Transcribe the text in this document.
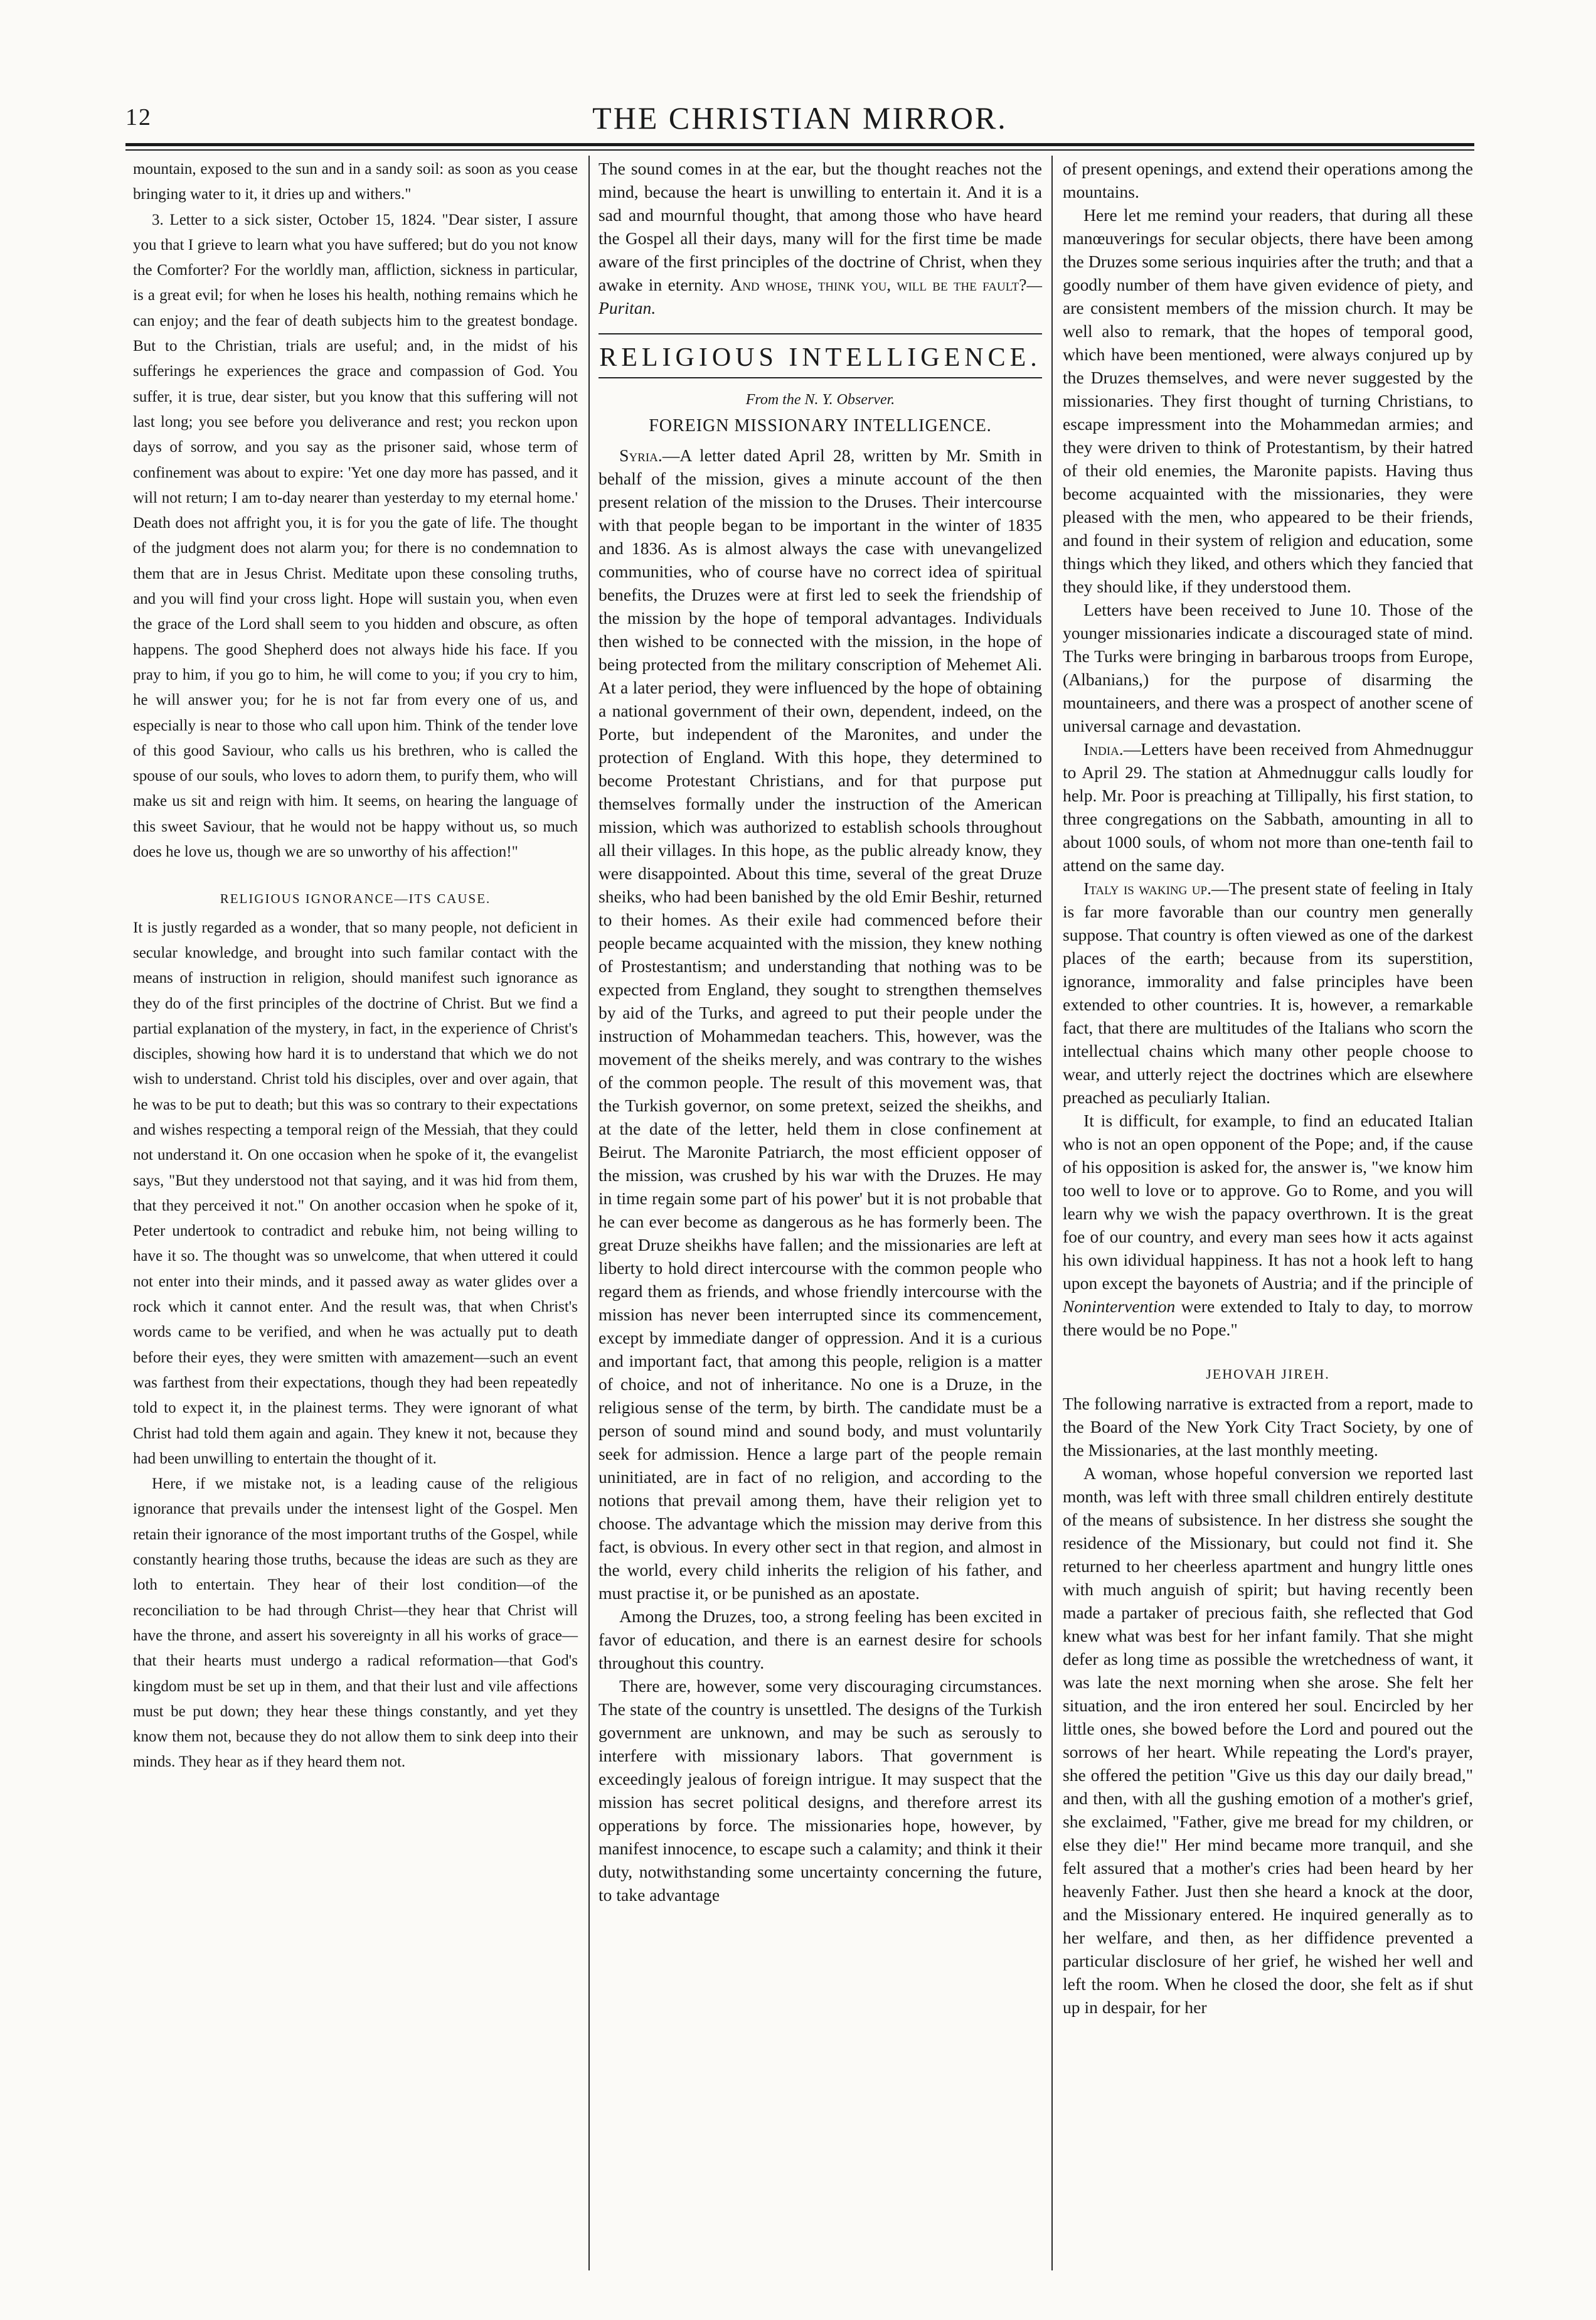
12	THE CHRISTIAN MIRROR.

mountain, exposed to the sun and in a sandy soil: as soon as you cease bringing water to it, it dries up and withers."

3. Letter to a sick sister, October 15, 1824. "Dear sister, I assure you that I grieve to learn what you have suffered; but do you not know the Comforter? For the worldly man, affliction, sickness in particular, is a great evil; for when he loses his health, nothing remains which he can enjoy; and the fear of death subjects him to the greatest bondage. But to the Christian, trials are useful; and, in the midst of his sufferings he experiences the grace and compassion of God. You suffer, it is true, dear sister, but you know that this suffering will not last long; you see before you deliverance and rest; you reckon upon days of sorrow, and you say as the prisoner said, whose term of confinement was about to expire: 'Yet one day more has passed, and it will not return; I am to-day nearer than yesterday to my eternal home.' Death does not affright you, it is for you the gate of life. The thought of the judgment does not alarm you; for there is no condemnation to them that are in Jesus Christ. Meditate upon these consoling truths, and you will find your cross light. Hope will sustain you, when even the grace of the Lord shall seem to you hidden and obscure, as often happens. The good Shepherd does not always hide his face. If you pray to him, if you go to him, he will come to you; if you cry to him, he will answer you; for he is not far from every one of us, and especially is near to those who call upon him. Think of the tender love of this good Saviour, who calls us his brethren, who is called the spouse of our souls, who loves to adorn them, to purify them, who will make us sit and reign with him. It seems, on hearing the language of this sweet Saviour, that he would not be happy without us, so much does he love us, though we are so unworthy of his affection!"

RELIGIOUS IGNORANCE—ITS CAUSE.

It is justly regarded as a wonder, that so many people, not deficient in secular knowledge, and brought into such familar contact with the means of instruction in religion, should manifest such ignorance as they do of the first principles of the doctrine of Christ. But we find a partial explanation of the mystery, in fact, in the experience of Christ's disciples, showing how hard it is to understand that which we do not wish to understand. Christ told his disciples, over and over again, that he was to be put to death; but this was so contrary to their expectations and wishes respecting a temporal reign of the Messiah, that they could not understand it. On one occasion when he spoke of it, the evangelist says, "But they understood not that saying, and it was hid from them, that they perceived it not." On another occasion when he spoke of it, Peter undertook to contradict and rebuke him, not being willing to have it so. The thought was so unwelcome, that when uttered it could not enter into their minds, and it passed away as water glides over a rock which it cannot enter. And the result was, that when Christ's words came to be verified, and when he was actually put to death before their eyes, they were smitten with amazement—such an event was farthest from their expectations, though they had been repeatedly told to expect it, in the plainest terms. They were ignorant of what Christ had told them again and again. They knew it not, because they had been unwilling to entertain the thought of it.

Here, if we mistake not, is a leading cause of the religious ignorance that prevails under the intensest light of the Gospel. Men retain their ignorance of the most important truths of the Gospel, while constantly hearing those truths, because the ideas are such as they are loth to entertain. They hear of their lost condition—of the reconciliation to be had through Christ—they hear that Christ will have the throne, and assert his sovereignty in all his works of grace—that their hearts must undergo a radical reformation—that God's kingdom must be set up in them, and that their lust and vile affections must be put down; they hear these things constantly, and yet they know them not, because they do not allow them to sink deep into their minds. They hear as if they heard them not.

The sound comes in at the ear, but the thought reaches not the mind, because the heart is unwilling to entertain it. And it is a sad and mournful thought, that among those who have heard the Gospel all their days, many will for the first time be made aware of the first principles of the doctrine of Christ, when they awake in eternity. And whose, think you, will be the fault?—Puritan.

RELIGIOUS INTELLIGENCE.
From the N. Y. Observer.
FOREIGN MISSIONARY INTELLIGENCE.

Syria.—A letter dated April 28, written by Mr. Smith in behalf of the mission, gives a minute account of the then present relation of the mission to the Druses. Their intercourse with that people began to be important in the winter of 1835 and 1836. As is almost always the case with unevangelized communities, who of course have no correct idea of spiritual benefits, the Druzes were at first led to seek the friendship of the mission by the hope of temporal advantages. Individuals then wished to be connected with the mission, in the hope of being protected from the military conscription of Mehemet Ali. At a later period, they were influenced by the hope of obtaining a national government of their own, dependent, indeed, on the Porte, but independent of the Maronites, and under the protection of England. With this hope, they determined to become Protestant Christians, and for that purpose put themselves formally under the instruction of the American mission, which was authorized to establish schools throughout all their villages. In this hope, as the public already know, they were disappointed. About this time, several of the great Druze sheiks, who had been banished by the old Emir Beshir, returned to their homes. As their exile had commenced before their people became acquainted with the mission, they knew nothing of Prostestantism; and understanding that nothing was to be expected from England, they sought to strengthen themselves by aid of the Turks, and agreed to put their people under the instruction of Mohammedan teachers. This, however, was the movement of the sheiks merely, and was contrary to the wishes of the common people. The result of this movement was, that the Turkish governor, on some pretext, seized the sheikhs, and at the date of the letter, held them in close confinement at Beirut. The Maronite Patriarch, the most efficient opposer of the mission, was crushed by his war with the Druzes. He may in time regain some part of his power' but it is not probable that he can ever become as dangerous as he has formerly been. The great Druze sheikhs have fallen; and the missionaries are left at liberty to hold direct intercourse with the common people who regard them as friends, and whose friendly intercourse with the mission has never been interrupted since its commencement, except by immediate danger of oppression. And it is a curious and important fact, that among this people, religion is a matter of choice, and not of inheritance. No one is a Druze, in the religious sense of the term, by birth. The candidate must be a person of sound mind and sound body, and must voluntarily seek for admission. Hence a large part of the people remain uninitiated, are in fact of no religion, and according to the notions that prevail among them, have their religion yet to choose. The advantage which the mission may derive from this fact, is obvious. In every other sect in that region, and almost in the world, every child inherits the religion of his father, and must practise it, or be punished as an apostate.

Among the Druzes, too, a strong feeling has been excited in favor of education, and there is an earnest desire for schools throughout this country.

There are, however, some very discouraging circumstances. The state of the country is unsettled. The designs of the Turkish government are unknown, and may be such as serously to interfere with missionary labors. That government is exceedingly jealous of foreign intrigue. It may suspect that the mission has secret political designs, and therefore arrest its opperations by force. The missionaries hope, however, by manifest innocence, to escape such a calamity; and think it their duty, notwithstanding some uncertainty concerning the future, to take advantage

of present openings, and extend their operations among the mountains.

Here let me remind your readers, that during all these manœuverings for secular objects, there have been among the Druzes some serious inquiries after the truth; and that a goodly number of them have given evidence of piety, and are consistent members of the mission church. It may be well also to remark, that the hopes of temporal good, which have been mentioned, were always conjured up by the Druzes themselves, and were never suggested by the missionaries. They first thought of turning Christians, to escape impressment into the Mohammedan armies; and they were driven to think of Protestantism, by their hatred of their old enemies, the Maronite papists. Having thus become acquainted with the missionaries, they were pleased with the men, who appeared to be their friends, and found in their system of religion and education, some things which they liked, and others which they fancied that they should like, if they understood them.

Letters have been received to June 10. Those of the younger missionaries indicate a discouraged state of mind. The Turks were bringing in barbarous troops from Europe, (Albanians,) for the purpose of disarming the mountaineers, and there was a prospect of another scene of universal carnage and devastation.

India.—Letters have been received from Ahmednuggur to April 29. The station at Ahmednuggur calls loudly for help. Mr. Poor is preaching at Tillipally, his first station, to three congregations on the Sabbath, amounting in all to about 1000 souls, of whom not more than one-tenth fail to attend on the same day.

Italy is waking up.—The present state of feeling in Italy is far more favorable than our country men generally suppose. That country is often viewed as one of the darkest places of the earth; because from its superstition, ignorance, immorality and false principles have been extended to other countries. It is, however, a remarkable fact, that there are multitudes of the Italians who scorn the intellectual chains which many other people choose to wear, and utterly reject the doctrines which are elsewhere preached as peculiarly Italian.

It is difficult, for example, to find an educated Italian who is not an open opponent of the Pope; and, if the cause of his opposition is asked for, the answer is, "we know him too well to love or to approve. Go to Rome, and you will learn why we wish the papacy overthrown. It is the great foe of our country, and every man sees how it acts against his own idividual happiness. It has not a hook left to hang upon except the bayonets of Austria; and if the principle of Nonintervention were extended to Italy to day, to morrow there would be no Pope."

JEHOVAH JIREH.

The following narrative is extracted from a report, made to the Board of the New York City Tract Society, by one of the Missionaries, at the last monthly meeting.

A woman, whose hopeful conversion we reported last month, was left with three small children entirely destitute of the means of subsistence. In her distress she sought the residence of the Missionary, but could not find it. She returned to her cheerless apartment and hungry little ones with much anguish of spirit; but having recently been made a partaker of precious faith, she reflected that God knew what was best for her infant family. That she might defer as long time as possible the wretchedness of want, it was late the next morning when she arose. She felt her situation, and the iron entered her soul. Encircled by her little ones, she bowed before the Lord and poured out the sorrows of her heart. While repeating the Lord's prayer, she offered the petition "Give us this day our daily bread," and then, with all the gushing emotion of a mother's grief, she exclaimed, "Father, give me bread for my children, or else they die!" Her mind became more tranquil, and she felt assured that a mother's cries had been heard by her heavenly Father. Just then she heard a knock at the door, and the Missionary entered. He inquired generally as to her welfare, and then, as her diffidence prevented a particular disclosure of her grief, he wished her well and left the room. When he closed the door, she felt as if shut up in despair, for her
